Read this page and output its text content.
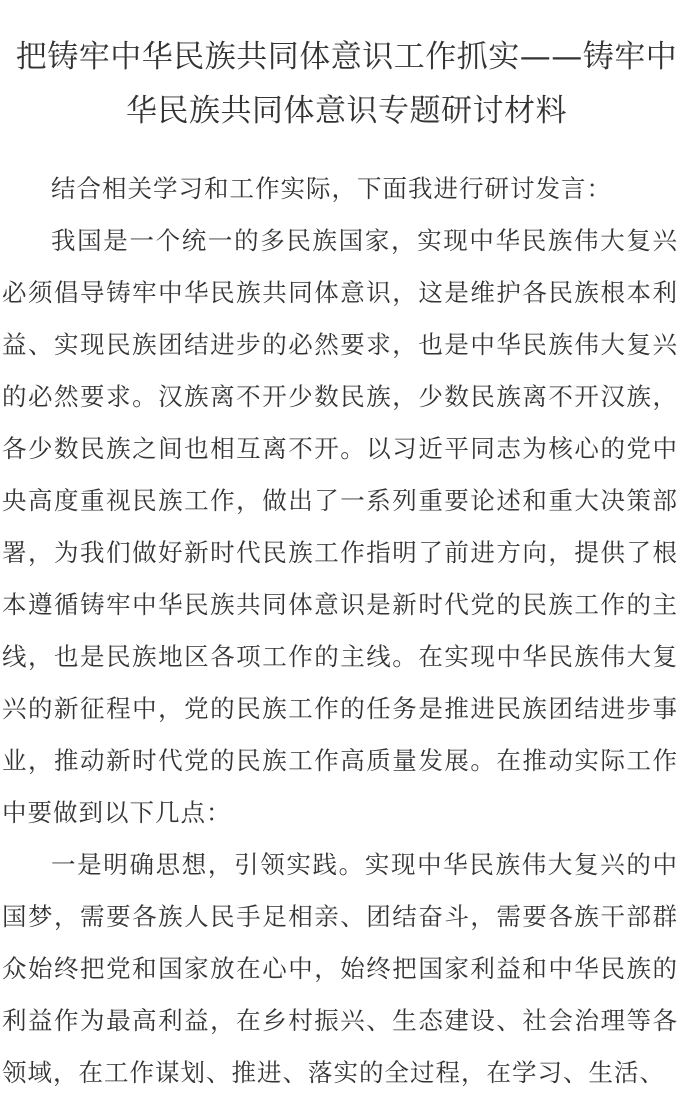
把铸牢中华民族共同体意识工作抓实——铸牢中华民族共同体意识专题研讨材料

结合相关学习和工作实际，下面我进行研讨发言：

我国是一个统一的多民族国家，实现中华民族伟大复兴必须倡导铸牢中华民族共同体意识，这是维护各民族根本利益、实现民族团结进步的必然要求，也是中华民族伟大复兴的必然要求。汉族离不开少数民族，少数民族离不开汉族，各少数民族之间也相互离不开。以习近平同志为核心的党中央高度重视民族工作，做出了一系列重要论述和重大决策部署，为我们做好新时代民族工作指明了前进方向，提供了根本遵循铸牢中华民族共同体意识是新时代党的民族工作的主线，也是民族地区各项工作的主线。在实现中华民族伟大复兴的新征程中，党的民族工作的任务是推进民族团结进步事业，推动新时代党的民族工作高质量发展。在推动实际工作中要做到以下几点：

一是明确思想，引领实践。实现中华民族伟大复兴的中国梦，需要各族人民手足相亲、团结奋斗，需要各族干部群众始终把党和国家放在心中，始终把国家利益和中华民族的利益作为最高利益，在乡村振兴、生态建设、社会治理等各领域，在工作谋划、推进、落实的全过程，在学习、生活、
